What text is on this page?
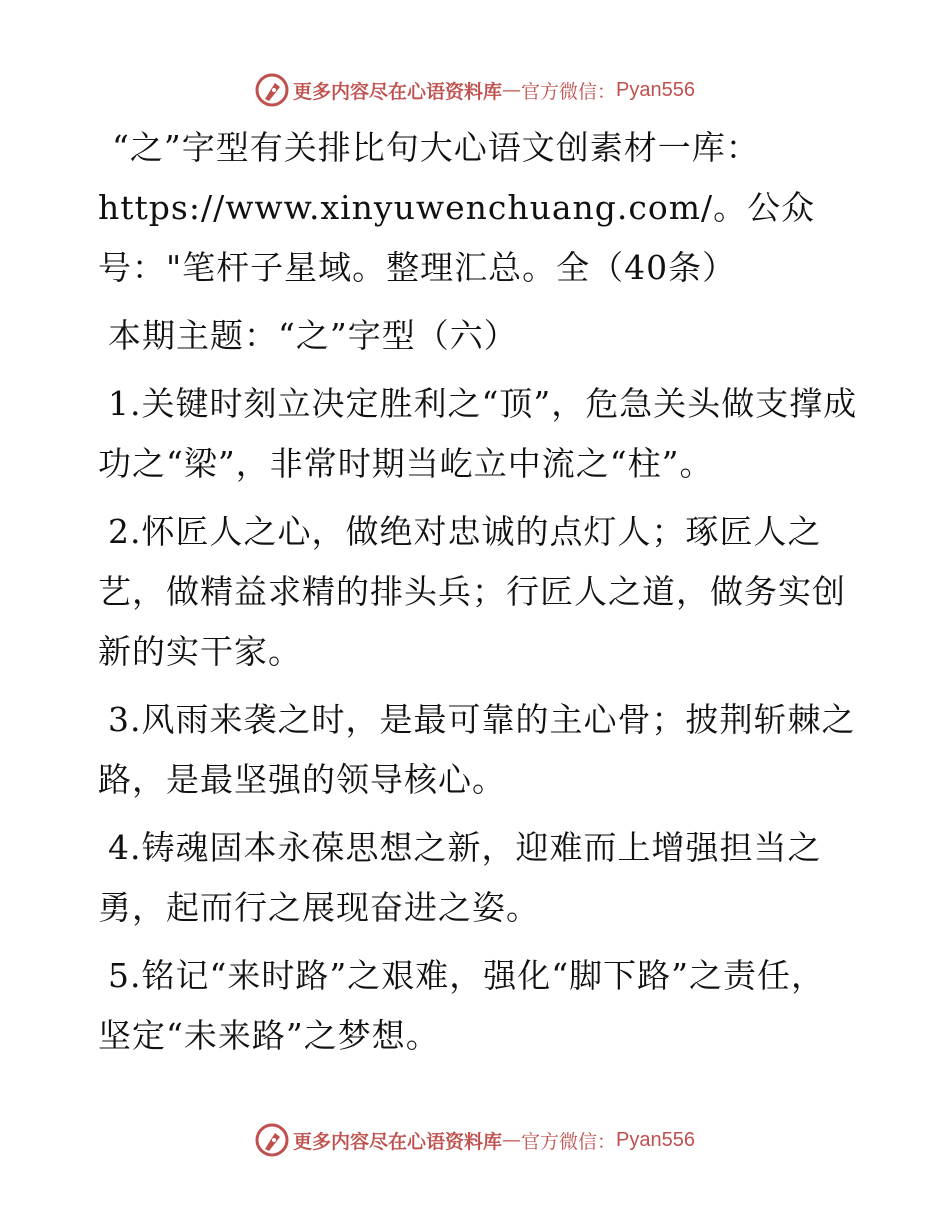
更多内容尽在心语资料库 — 官方微信： Pyan556

“之”字型有关排比句大心语文创素材一库：https://www.xinyuwenchuang.com/。公众号："笔杆子星域。整理汇总。全（40条）

本期主题：“之”字型（六）

1.关键时刻立决定胜利之“顶”，危急关头做支撑成功之“梁”，非常时期当屹立中流之“柱”。

2.怀匠人之心，做绝对忠诚的点灯人；琢匠人之艺，做精益求精的排头兵；行匠人之道，做务实创新的实干家。

3.风雨来袭之时，是最可靠的主心骨；披荆斩棘之路，是最坚强的领导核心。

4.铸魂固本永葆思想之新，迎难而上增强担当之勇，起而行之展现奋进之姿。

5.铭记“来时路”之艰难，强化“脚下路”之责任，坚定“未来路”之梦想。

更多内容尽在心语资料库 — 官方微信： Pyan556
